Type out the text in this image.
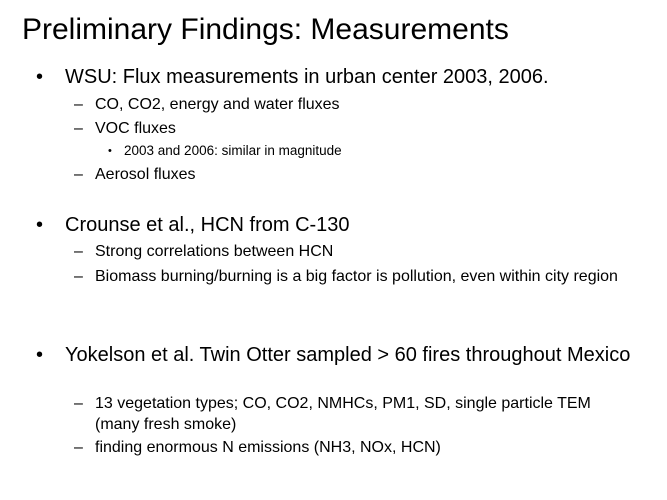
Preliminary Findings: Measurements
• WSU: Flux measurements in urban center 2003, 2006.
– CO, CO2, energy and water fluxes
– VOC fluxes
• 2003 and 2006: similar in magnitude
– Aerosol fluxes
• Crounse et al., HCN from C-130
– Strong correlations between HCN
– Biomass burning/burning is a big factor is pollution, even within city region
• Yokelson et al. Twin Otter sampled > 60 fires throughout Mexico
– 13 vegetation types; CO, CO2, NMHCs, PM1, SD, single particle TEM (many fresh smoke)
– finding enormous N emissions (NH3, NOx, HCN)
